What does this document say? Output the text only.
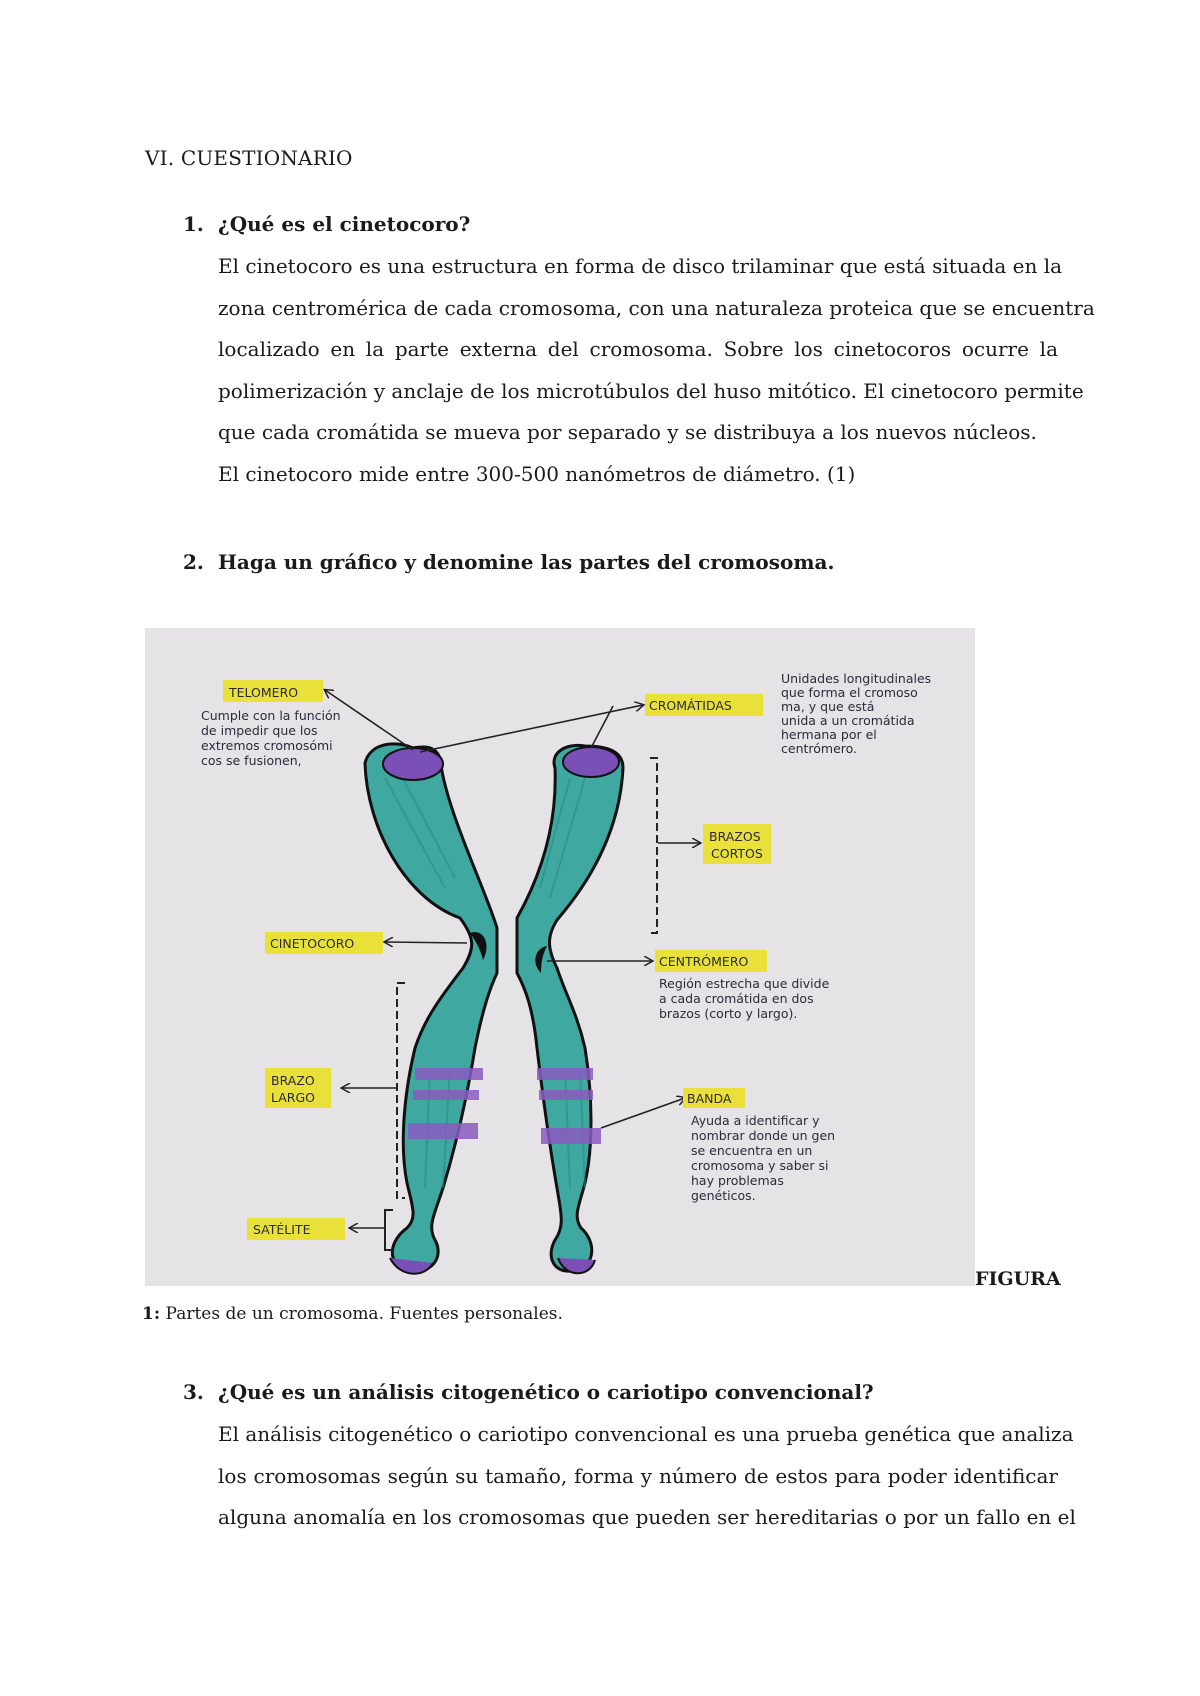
VI. CUESTIONARIO
1. ¿Qué es el cinetocoro?
El cinetocoro es una estructura en forma de disco trilaminar que está situada en la
zona centromérica de cada cromosoma, con una naturaleza proteica que se encuentra
localizado en la parte externa del cromosoma. Sobre los cinetocoros ocurre la
polimerización y anclaje de los microtúbulos del huso mitótico. El cinetocoro permite
que cada cromátida se mueva por separado y se distribuya a los nuevos núcleos.
El cinetocoro mide entre 300-500 nanómetros de diámetro. (1)
2. Haga un gráfico y denomine las partes del cromosoma.
TELOMERO
Cumple con la función de impedir que los extremos cromosómi cos se fusionen,
CROMÁTIDAS
Unidades longitudinales que forma el cromoso ma, y que está unida a un cromátida hermana por el centrómero.
BRAZOS CORTOS
CINETOCORO
CENTRÓMERO
Región estrecha que divide a cada cromátida en dos brazos (corto y largo).
BRAZO LARGO	BANDA
Ayuda a identificar y nombrar donde un gen se encuentra en un cromosoma y saber si hay problemas genéticos.
SATÉLITE
FIGURA
1: Partes de un cromosoma. Fuentes personales.
3. ¿Qué es un análisis citogenético o cariotipo convencional?
El análisis citogenético o cariotipo convencional es una prueba genética que analiza
los cromosomas según su tamaño, forma y número de estos para poder identificar
alguna anomalía en los cromosomas que pueden ser hereditarias o por un fallo en el
